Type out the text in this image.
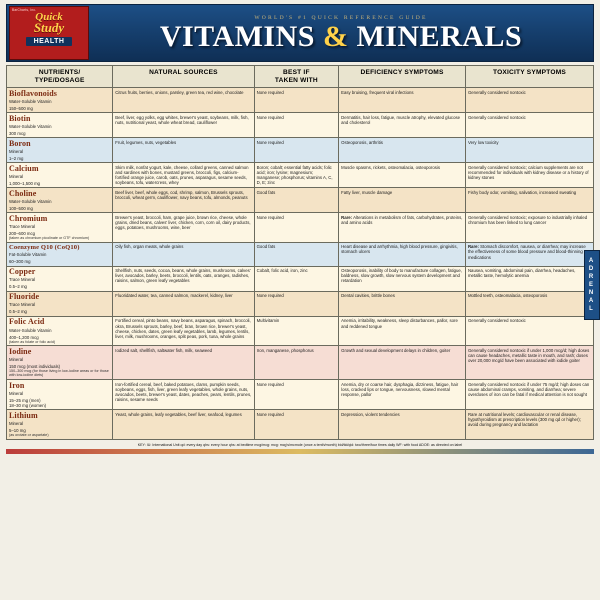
BarCharts, Inc.
Quick
Study
HEALTH
WORLD'S #1 QUICK REFERENCE GUIDE
VITAMINS & MINERALS
NUTRIENTS/
TYPE/DOSAGE	NATURAL SOURCES	BEST IF
TAKEN WITH	DEFICIENCY SYMPTOMS	TOXICITY SYMPTOMS

Bioflavonoids
Water-Soluble Vitamin
150–500 mg	Citrus fruits, berries, onions, parsley, green tea, red wine, chocolate	None required	Easy bruising, frequent viral infections	Generally considered nontoxic

Biotin
Water-Soluble Vitamin
300 mcg	Beef, liver, egg yolks, egg whites, brewer's yeast, soybeans, milk, fish, nuts, nutritional yeast, whole wheat bread, cauliflower	None required	Dermatitis, hair loss, fatigue, muscle atrophy, elevated glucose and cholesterol	Generally considered nontoxic

Boron
Mineral
1–2 mg	Fruit, legumes, nuts, vegetables	None required	Osteoporosis, arthritis	Very low toxicity

Calcium
Mineral
1,000–1,500 mg
	Skim milk, nonfat yogurt, kale, cheese, collard greens, canned salmon and sardines with bones, mustard greens, broccoli, figs, calcium-fortified orange juice, carob, oats, prunes, asparagus, sesame seeds, soybeans, tofu, watercress, whey	Boron; cobalt; essential fatty acids; folic acid; iron; lysine; magnesium; manganese; phosphorus; vitamins A, C, D, E; zinc	Muscle spasms, rickets, osteomalacia, osteoporosis	Generally considered nontoxic; calcium supplements are not recommended for individuals with kidney disease or a history of kidney stones

Choline
Water-Soluble Vitamin
100–500 mg	Beef liver, beef, whole eggs, cod, shrimp, salmon, Brussels sprouts, broccoli, wheat germ, cauliflower, navy beans, tofu, almonds, peanuts	Good fats	Fatty liver, muscle damage	Fishy body odor, vomiting, salivation, increased sweating

Chromium
Trace Mineral
200–600 mcg
(taken as chromium picolinate or GTF chromium)	Brewer's yeast, broccoli, ham, grape juice, brown rice, cheese, whole grains, dried beans, calves' liver, chicken, corn, corn oil, dairy products, eggs, potatoes, mushrooms, wine, beer	None required	Rare: Alterations in metabolism of fats, carbohydrates, proteins, and amino acids	Generally considered nontoxic; exposure to industrially inhaled chromium has been linked to lung cancer

Coenzyme Q10 (CoQ10)
Fat-Soluble Vitamin
60–300 mg	Oily fish, organ meats, whole grains	Good fats	Heart disease and arrhythmia, high blood pressure, gingivitis, stomach ulcers	Rare: Stomach discomfort, nausea, or diarrhea; may increase the effectiveness of some blood pressure and blood-thinning medications

Copper
Trace Mineral
0.5–2 mg	Shellfish, nuts, seeds, cocoa, beans, whole grains, mushrooms, calves' liver, avocados, barley, beets, broccoli, lentils, oats, oranges, radishes, raisins, salmon, green leafy vegetables	Cobalt, folic acid, iron, zinc	Osteoporosis, inability of body to manufacture collagen, fatigue, baldness, slow growth, slow nervous system development and retardation	Nausea, vomiting, abdominal pain, diarrhea, headaches, metallic taste, hemolytic anemia

Fluoride
Trace Mineral
0.5–2 mg	Fluoridated water, tea, canned salmon, mackerel, kidney, liver	None required	Dental cavities, brittle bones	Mottled teeth, osteomalacia, osteoporosis

Folic Acid
Water-Soluble Vitamin
400–1,200 mcg
(taken as folate or folic acid)
	Fortified cereal, pinto beans, navy beans, asparagus, spinach, broccoli, okra, Brussels sprouts, barley, beef, bran, brown rice, brewer's yeast, cheese, chicken, dates, green leafy vegetables, lamb, legumes, lentils, liver, milk, mushrooms, oranges, split peas, pork, tuna, whole grains	Multivitamin	Anemia, irritability, weakness, sleep disturbances, pallor, sore and reddened tongue	Generally considered nontoxic

Iodine
Mineral
150 mcg (most individuals)
150–300 mcg (for those living in low-iodine areas or for those with low-iodine diets)	Iodized salt, shellfish, saltwater fish, milk, seaweed	Iron, manganese, phosphorus	Growth and sexual development delays in children, goiter	Generally considered nontoxic if under 1,000 mcg/d; high doses can cause headaches, metallic taste in mouth, and rash; doses over 20,000 mcg/d have been associated with iodide goiter

Iron
Mineral
15–25 mg (men)
18–30 mg (women)
	Iron-fortified cereal, beef, baked potatoes, clams, pumpkin seeds, soybeans, eggs, fish, liver, green leafy vegetables, whole grains, nuts, avocados, beets, brewer's yeast, dates, peaches, pears, lentils, prunes, raisins, sesame seeds	None required	Anemia, dry or coarse hair, dysphagia, dizziness, fatigue, hair loss, cracked lips or tongue, nervousness, slowed mental response, pallor	Generally considered nontoxic if under 75 mg/d; high doses can cause abdominal cramps, vomiting, and diarrhea; severe overdoses of iron can be fatal if medical attention is not sought

Lithium
Mineral
5–10 mg
(as orotate or aspartate)	Yeast, whole grains, leafy vegetables, beef liver, seafood, legumes	None required	Depression, violent tendencies	Rare at nutritional levels; cardiovascular or renal disease, hypothyroidism at prescription levels (300 mg qd or higher); avoid during pregnancy and lactation
KEY: IU: International Unit qd: every day qhs: every hour qhs: at bedtime mcg/mcg: mcg: mcg's/mcmole (once a tenth/month) bid/tid/qid: two/three/four times daily WF: with food ADOE: as directed on label
A
D
R
E
N
A
L
